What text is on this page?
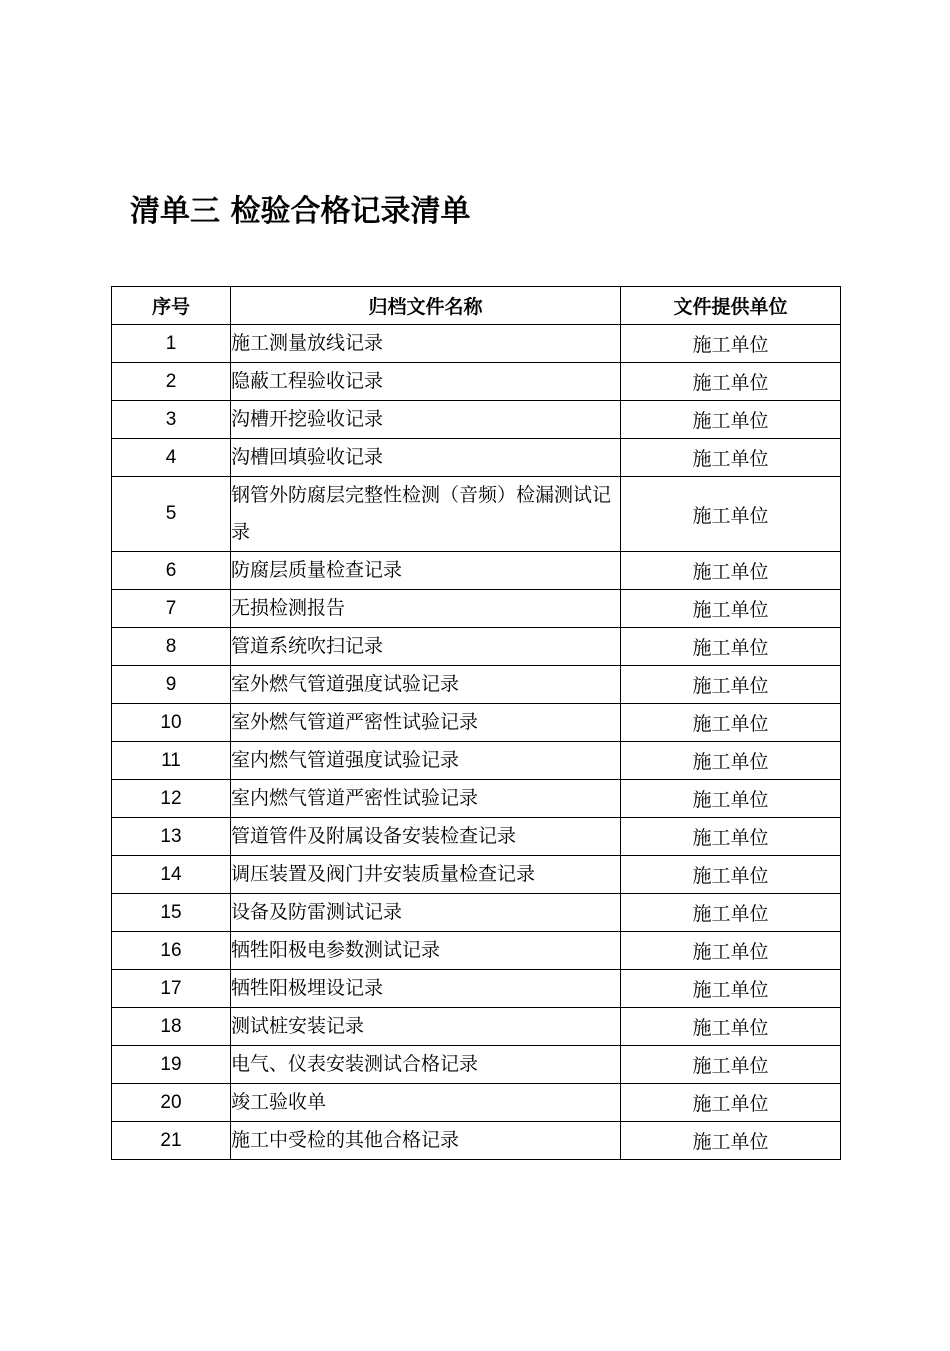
清单三 检验合格记录清单
序号	归档文件名称	文件提供单位
1	施工测量放线记录	施工单位
2	隐蔽工程验收记录	施工单位
3	沟槽开挖验收记录	施工单位
4	沟槽回填验收记录	施工单位
5	钢管外防腐层完整性检测（音频）检漏测试记录	施工单位
6	防腐层质量检查记录	施工单位
7	无损检测报告	施工单位
8	管道系统吹扫记录	施工单位
9	室外燃气管道强度试验记录	施工单位
10	室外燃气管道严密性试验记录	施工单位
11	室内燃气管道强度试验记录	施工单位
12	室内燃气管道严密性试验记录	施工单位
13	管道管件及附属设备安装检查记录	施工单位
14	调压装置及阀门井安装质量检查记录	施工单位
15	设备及防雷测试记录	施工单位
16	牺牲阳极电参数测试记录	施工单位
17	牺牲阳极埋设记录	施工单位
18	测试桩安装记录	施工单位
19	电气、仪表安装测试合格记录	施工单位
20	竣工验收单	施工单位
21	施工中受检的其他合格记录	施工单位
